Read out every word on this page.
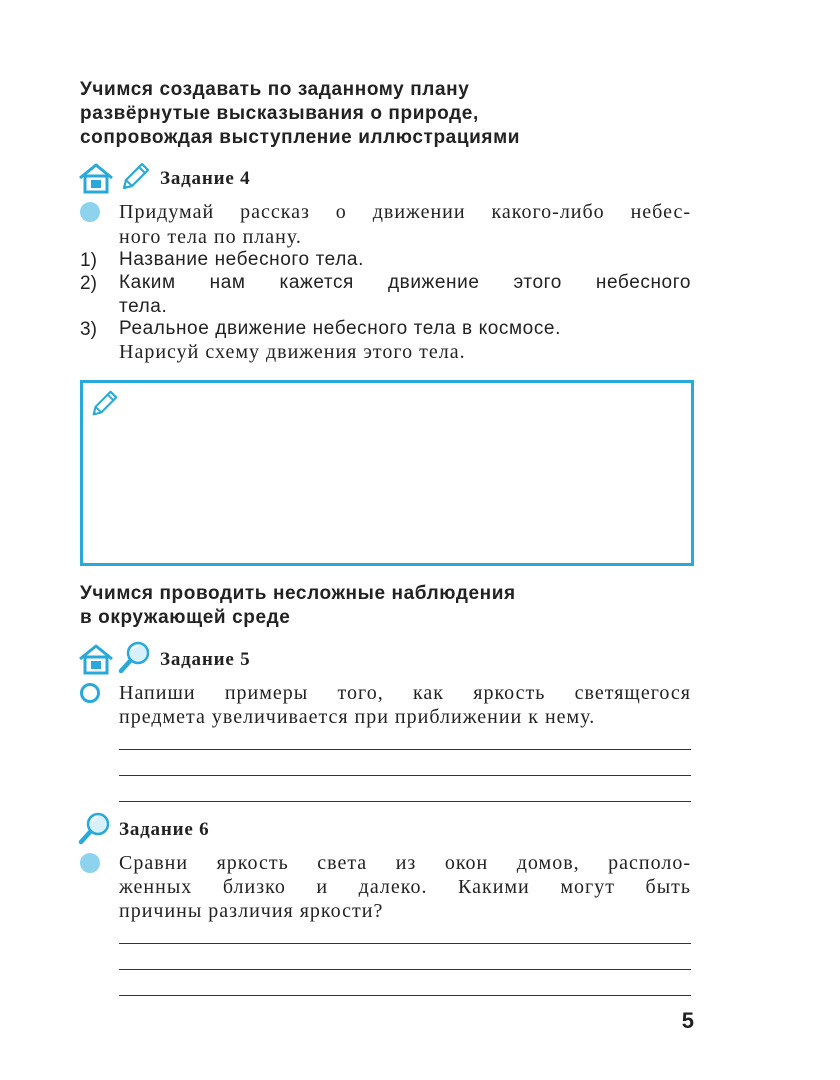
Учимся создавать по заданному плану
развёрнутые высказывания о природе,
сопровождая выступление иллюстрациями
Задание 4
Придумай рассказ о движении какого-либо небес-
ного тела по плану.
1) Название небесного тела.
2) Каким нам кажется движение этого небесного
тела.
3) Реальное движение небесного тела в космосе.
Нарисуй схему движения этого тела.
Учимся проводить несложные наблюдения
в окружающей среде
Задание 5
Напиши примеры того, как яркость светящегося
предмета увеличивается при приближении к нему.
Задание 6
Сравни яркость света из окон домов, располо-
женных близко и далеко. Какими могут быть
причины различия яркости?
5
